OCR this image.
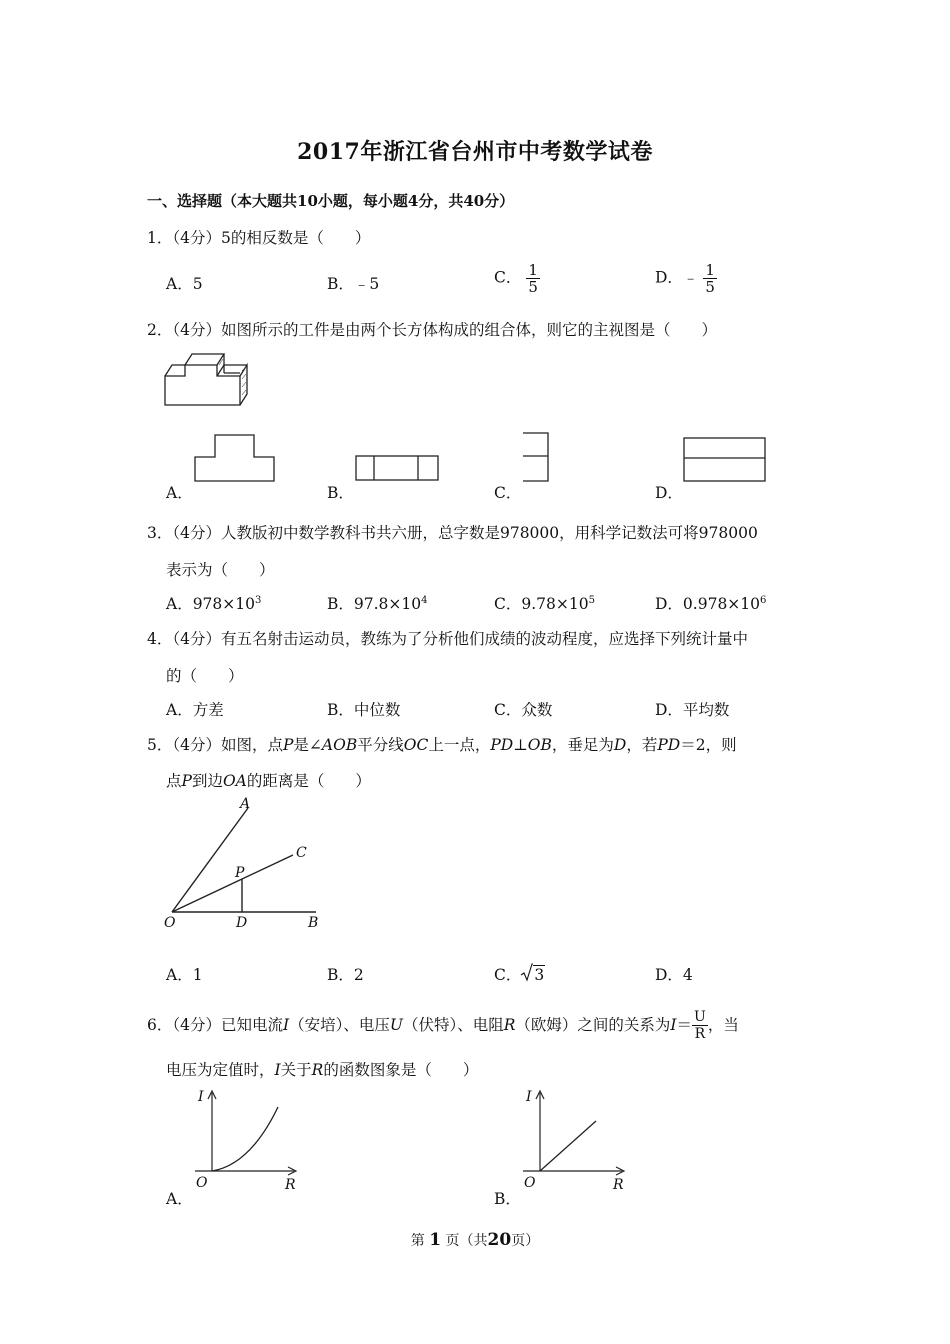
2017年浙江省台州市中考数学试卷
一、选择题（本大题共10小题，每小题4分，共40分）
1．（4分）5的相反数是（　　）
A．5	B．﹣5	C． $\frac{1}{5}$	D．﹣ $\frac{1}{5}$
2．（4分）如图所示的工件是由两个长方体构成的组合体，则它的主视图是（　　）
A．	B．	C．	D．
3．（4分）人教版初中数学教科书共六册，总字数是978000，用科学记数法可将978000
表示为（　　）
A．$978\times 10^3$	B．$97.8\times 10^4$	C．$9.78\times 10^5$	D．$0.978\times 10^6$
4．（4分）有五名射击运动员，教练为了分析他们成绩的波动程度，应选择下列统计量中
的（　　）
A．方差	B．中位数	C．众数	D．平均数
5．（4分）如图，点P是∠AOB平分线OC上一点，PD⊥OB，垂足为D，若PD＝2，则
点P到边OA的距离是（　　）
A
C
P
O	D	B
A．1	B．2	C． 3	D．4
6．（4分）已知电流I（安培）、电压U（伏特）、电阻R（欧姆）之间的关系为$I= \frac{U}{R}$ ，当
电压为定值时，I关于R的函数图象是（　　）
I
O	R
A．
I
O	R
B．
第 1 页（共20页）
